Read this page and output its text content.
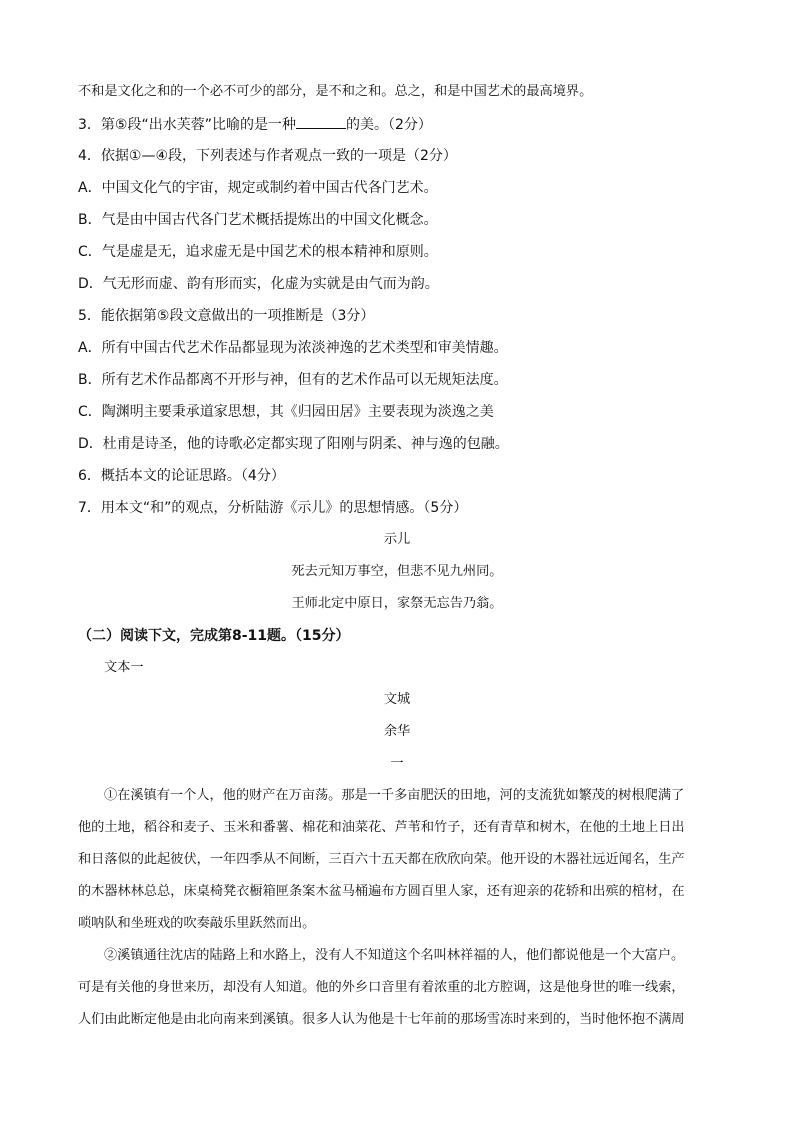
不和是文化之和的一个必不可少的部分，是不和之和。总之，和是中国艺术的最高境界。
3．第⑤段“出水芙蓉”比喻的是一种	的美。（2分）
4．依据①—④段，下列表述与作者观点一致的一项是（2分）
A．中国文化气的宇宙，规定或制约着中国古代各门艺术。
B．气是由中国古代各门艺术概括提炼出的中国文化概念。
C．气是虚是无，追求虚无是中国艺术的根本精神和原则。
D．气无形而虚、韵有形而实，化虚为实就是由气而为韵。
5．能依据第⑤段文意做出的一项推断是（3分）
A．所有中国古代艺术作品都显现为浓淡神逸的艺术类型和审美情趣。
B．所有艺术作品都离不开形与神，但有的艺术作品可以无规矩法度。
C．陶渊明主要秉承道家思想，其《归园田居》主要表现为淡逸之美
D．杜甫是诗圣，他的诗歌必定都实现了阳刚与阴柔、神与逸的包融。
6．概括本文的论证思路。（4分）
7．用本文“和”的观点，分析陆游《示儿》的思想情感。（5分）
示儿
死去元知万事空，但悲不见九州同。
王师北定中原日，家祭无忘告乃翁。
（二）阅读下文，完成第8-11题。（15分）
文本一
文城
余华
一
①在溪镇有一个人，他的财产在万亩荡。那是一千多亩肥沃的田地，河的支流犹如繁茂的树根爬满了
他的土地，稻谷和麦子、玉米和番薯、棉花和油菜花、芦苇和竹子，还有青草和树木，在他的土地上日出
和日落似的此起彼伏，一年四季从不间断，三百六十五天都在欣欣向荣。他开设的木器社远近闻名，生产
的木器林林总总，床桌椅凳衣橱箱匣条案木盆马桶遍布方圆百里人家，还有迎亲的花轿和出殡的棺材，在
唢呐队和坐班戏的吹奏敲乐里跃然而出。
②溪镇通往沈店的陆路上和水路上，没有人不知道这个名叫林祥福的人，他们都说他是一个大富户。
可是有关他的身世来历，却没有人知道。他的外乡口音里有着浓重的北方腔调，这是他身世的唯一线索，
人们由此断定他是由北向南来到溪镇。很多人认为他是十七年前的那场雪冻时来到的，当时他怀抱不满周
